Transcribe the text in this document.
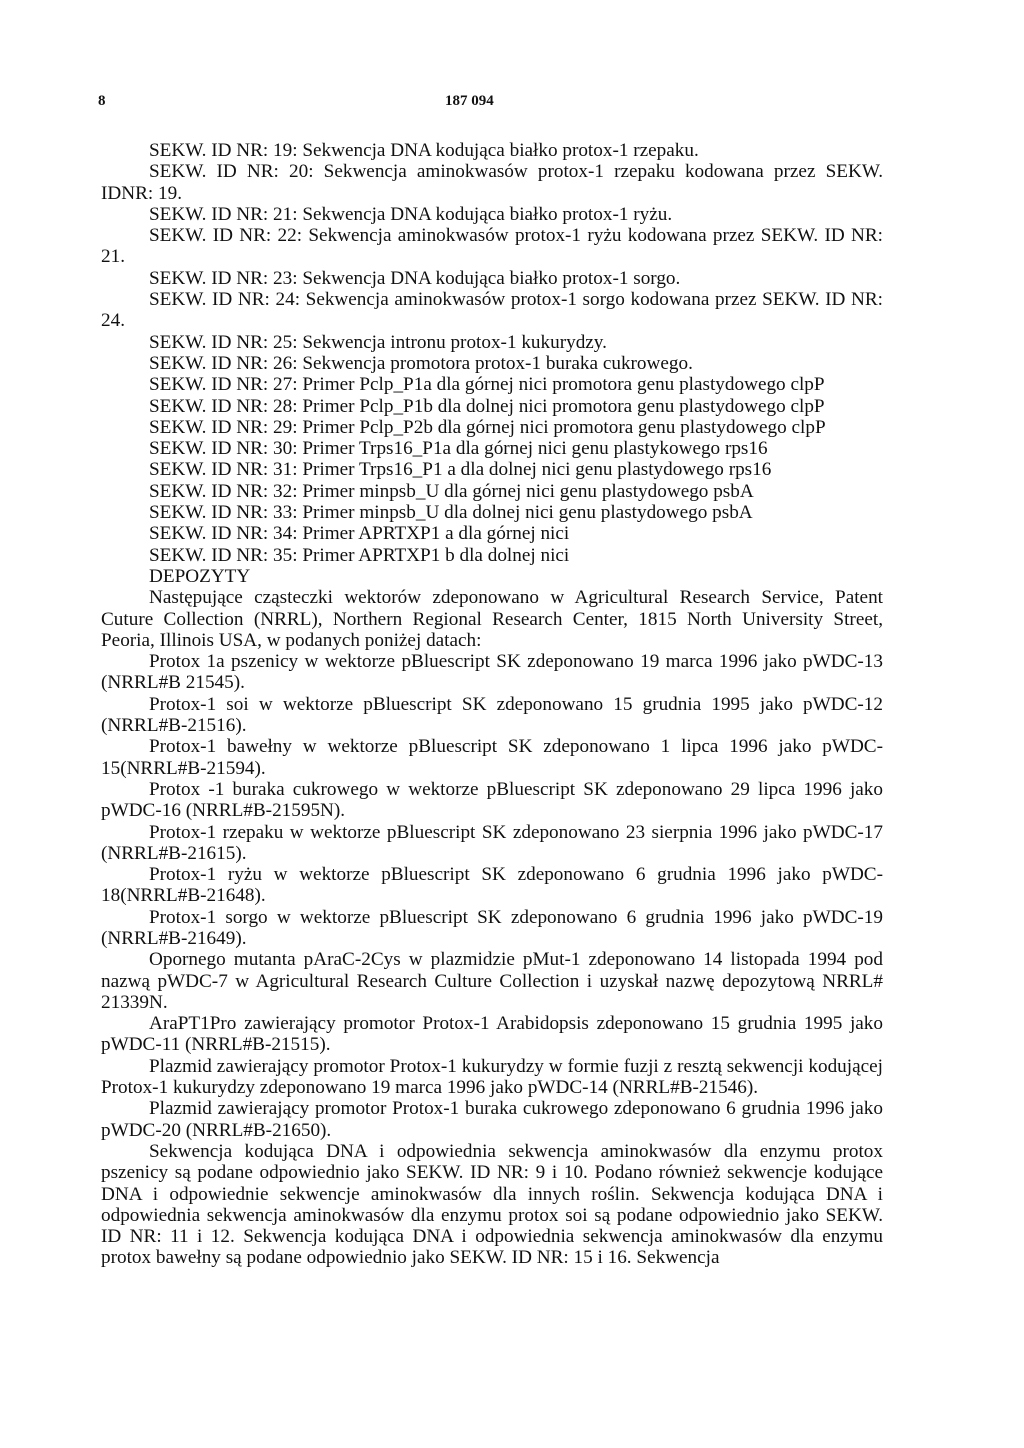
8	187 094

SEKW. ID NR: 19: Sekwencja DNA kodująca białko protox-1 rzepaku.

SEKW. ID NR: 20: Sekwencja aminokwasów protox-1 rzepaku kodowana przez SEKW. IDNR: 19.

SEKW. ID NR: 21: Sekwencja DNA kodująca białko protox-1 ryżu.

SEKW. ID NR: 22: Sekwencja aminokwasów protox-1 ryżu kodowana przez SEKW. ID NR: 21.

SEKW. ID NR: 23: Sekwencja DNA kodująca białko protox-1 sorgo.

SEKW. ID NR: 24: Sekwencja aminokwasów protox-1 sorgo kodowana przez SEKW. ID NR: 24.

SEKW. ID NR: 25: Sekwencja intronu protox-1 kukurydzy.

SEKW. ID NR: 26: Sekwencja promotora protox-1 buraka cukrowego.

SEKW. ID NR: 27: Primer Pclp_P1a dla górnej nici promotora genu plastydowego clpP

SEKW. ID NR: 28: Primer Pclp_P1b dla dolnej nici promotora genu plastydowego clpP

SEKW. ID NR: 29: Primer Pclp_P2b dla górnej nici promotora genu plastydowego clpP

SEKW. ID NR: 30: Primer Trps16_P1a dla górnej nici genu plastykowego rps16

SEKW. ID NR: 31: Primer Trps16_P1 a dla dolnej nici genu plastydowego rps16

SEKW. ID NR: 32: Primer minpsb_U dla górnej nici genu plastydowego psbA

SEKW. ID NR: 33: Primer minpsb_U dla dolnej nici genu plastydowego psbA

SEKW. ID NR: 34: Primer APRTXP1 a dla górnej nici

SEKW. ID NR: 35: Primer APRTXP1 b dla dolnej nici

DEPOZYTY

Następujące cząsteczki wektorów zdeponowano w Agricultural Research Service, Patent Cuture Collection (NRRL), Northern Regional Research Center, 1815 North University Street, Peoria, Illinois USA, w podanych poniżej datach:

Protox 1a pszenicy w wektorze pBluescript SK zdeponowano 19 marca 1996 jako pWDC-13 (NRRL#B 21545).

Protox-1 soi w wektorze pBluescript SK zdeponowano 15 grudnia 1995 jako pWDC-12 (NRRL#B-21516).

Protox-1 bawełny w wektorze pBluescript SK zdeponowano 1 lipca 1996 jako pWDC-15(NRRL#B-21594).

Protox -1 buraka cukrowego w wektorze pBluescript SK zdeponowano 29 lipca 1996 jako pWDC-16 (NRRL#B-21595N).

Protox-1 rzepaku w wektorze pBluescript SK zdeponowano 23 sierpnia 1996 jako pWDC-17 (NRRL#B-21615).

Protox-1 ryżu w wektorze pBluescript SK zdeponowano 6 grudnia 1996 jako pWDC-18(NRRL#B-21648).

Protox-1 sorgo w wektorze pBluescript SK zdeponowano 6 grudnia 1996 jako pWDC-19 (NRRL#B-21649).

Opornego mutanta pAraC-2Cys w plazmidzie pMut-1 zdeponowano 14 listopada 1994 pod nazwą pWDC-7 w Agricultural Research Culture Collection i uzyskał nazwę depozytową NRRL# 21339N.

AraPT1Pro zawierający promotor Protox-1 Arabidopsis zdeponowano 15 grudnia 1995 jako pWDC-11 (NRRL#B-21515).

Plazmid zawierający promotor Protox-1 kukurydzy w formie fuzji z resztą sekwencji kodującej Protox-1 kukurydzy zdeponowano 19 marca 1996 jako pWDC-14 (NRRL#B-21546).

Plazmid zawierający promotor Protox-1 buraka cukrowego zdeponowano 6 grudnia 1996 jako pWDC-20 (NRRL#B-21650).

Sekwencja kodująca DNA i odpowiednia sekwencja aminokwasów dla enzymu protox pszenicy są podane odpowiednio jako SEKW. ID NR: 9 i 10. Podano również sekwencje kodujące DNA i odpowiednie sekwencje aminokwasów dla innych roślin. Sekwencja kodująca DNA i odpowiednia sekwencja aminokwasów dla enzymu protox soi są podane odpowiednio jako SEKW. ID NR: 11 i 12. Sekwencja kodująca DNA i odpowiednia sekwencja aminokwasów dla enzymu protox bawełny są podane odpowiednio jako SEKW. ID NR: 15 i 16. Sekwencja
